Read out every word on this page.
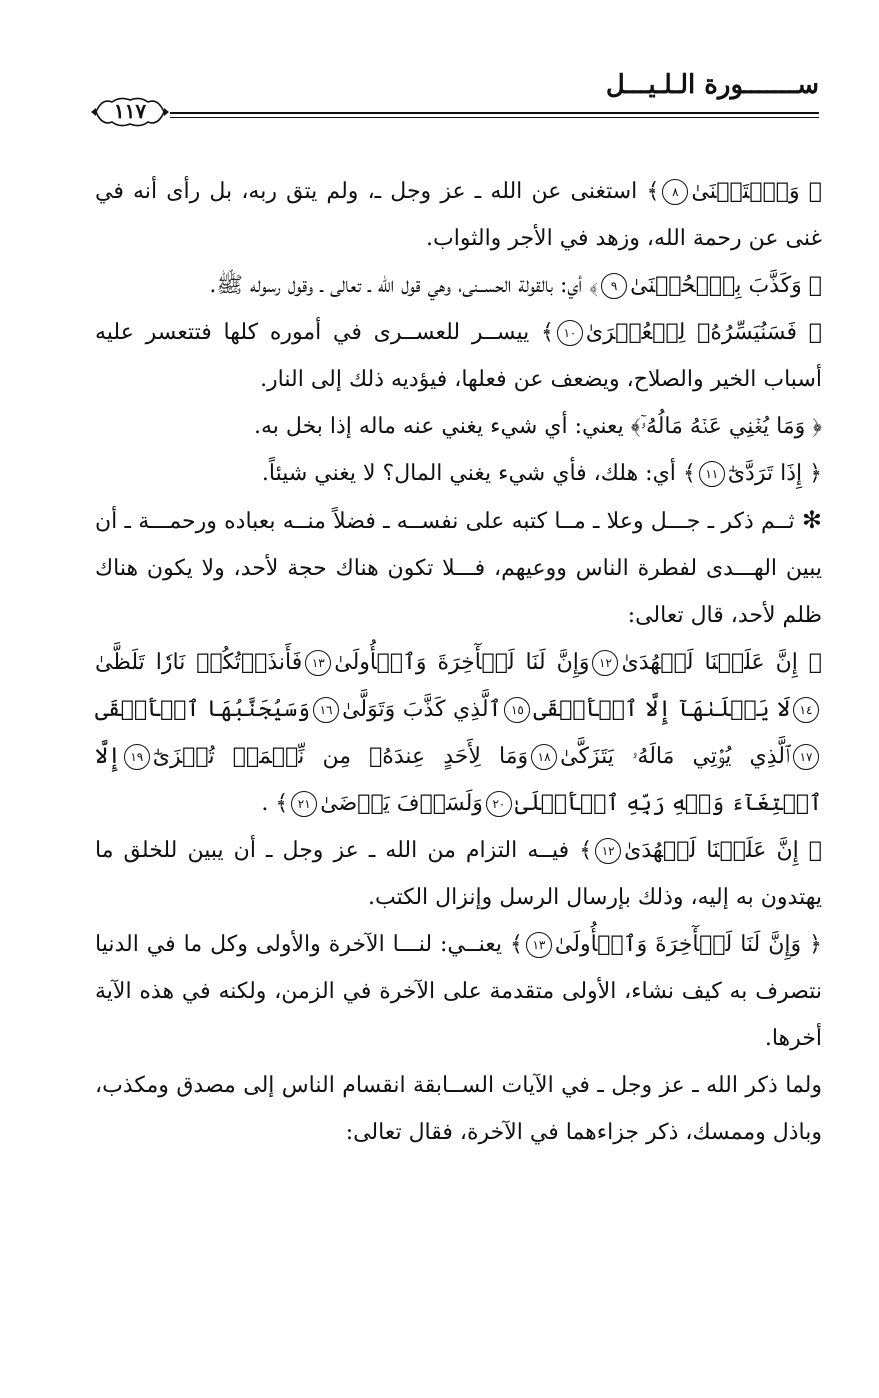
ســـــــورة الـلـيـــل
١١٧

﴿ وَٱسۡتَغۡنَىٰ٨﴾ استغنى عن الله ـ عز وجل ـ، ولم يتق ربه، بل رأى أنه في غنى عن رحمة الله، وزهد في الأجر والثواب.

﴿ وَكَذَّبَ بِٱلۡحُسۡنَىٰ٩﴾ أي: بالقولة الحســنى، وهي قول الله ـ تعالى ـ وقول رسوله ﷺ.

﴿ فَسَنُيَسِّرُهُۥ لِلۡعُسۡرَىٰ١٠﴾ ييســر للعســرى في أموره كلها فتتعسر عليه أسباب الخير والصلاح، ويضعف عن فعلها، فيؤديه ذلك إلى النار.

﴿ وَمَا يُغۡنِي عَنۡهُ مَالُهُۥٓ﴾ يعني: أي شيء يغني عنه ماله إذا بخل به.

﴿ إِذَا تَرَدَّىٰٓ١١﴾ أي: هلك، فأي شيء يغني المال؟ لا يغني شيئاً.

✻ ثــم ذكر ـ جـــل وعلا ـ مــا كتبه على نفســه ـ فضلاً منــه بعباده ورحمـــة ـ أن يبين الهـــدى لفطرة الناس ووعيهم، فـــلا تكون هناك حجة لأحد، ولا يكون هناك ظلم لأحد، قال تعالى:

﴿ إِنَّ عَلَيۡنَا لَلۡهُدَىٰ١٢وَإِنَّ لَنَا لَلۡأٓخِرَةَ وَٱلۡأُولَىٰ١٣فَأَنذَرۡتُكُمۡ نَارٗا تَلَظَّىٰ١٤لَا يَصۡلَىٰهَآ إِلَّا ٱلۡأَشۡقَى١٥ٱلَّذِي كَذَّبَ وَتَوَلَّىٰ١٦وَسَيُجَنَّبُهَا ٱلۡأَتۡقَى١٧ٱلَّذِي يُؤۡتِي مَالَهُۥ يَتَزَكَّىٰ١٨وَمَا لِأَحَدٍ عِندَهُۥ مِن نِّعۡمَةٖ تُجۡزَىٰٓ١٩إِلَّا ٱبۡتِغَآءَ وَجۡهِ رَبِّهِ ٱلۡأَعۡلَىٰ٢٠وَلَسَوۡفَ يَرۡضَىٰ٢١﴾ .

﴿ إِنَّ عَلَيۡنَا لَلۡهُدَىٰ١٢﴾ فيــه التزام من الله ـ عز وجل ـ أن يبين للخلق ما يهتدون به إليه، وذلك بإرسال الرسل وإنزال الكتب.

﴿ وَإِنَّ لَنَا لَلۡأٓخِرَةَ وَٱلۡأُولَىٰ١٣﴾ يعنــي: لنـــا الآخرة والأولى وكل ما في الدنيا نتصرف به كيف نشاء، الأولى متقدمة على الآخرة في الزمن، ولكنه في هذه الآية أخرها.

ولما ذكر الله ـ عز وجل ـ في الآيات الســابقة انقسام الناس إلى مصدق ومكذب، وباذل وممسك، ذكر جزاءهما في الآخرة، فقال تعالى:
